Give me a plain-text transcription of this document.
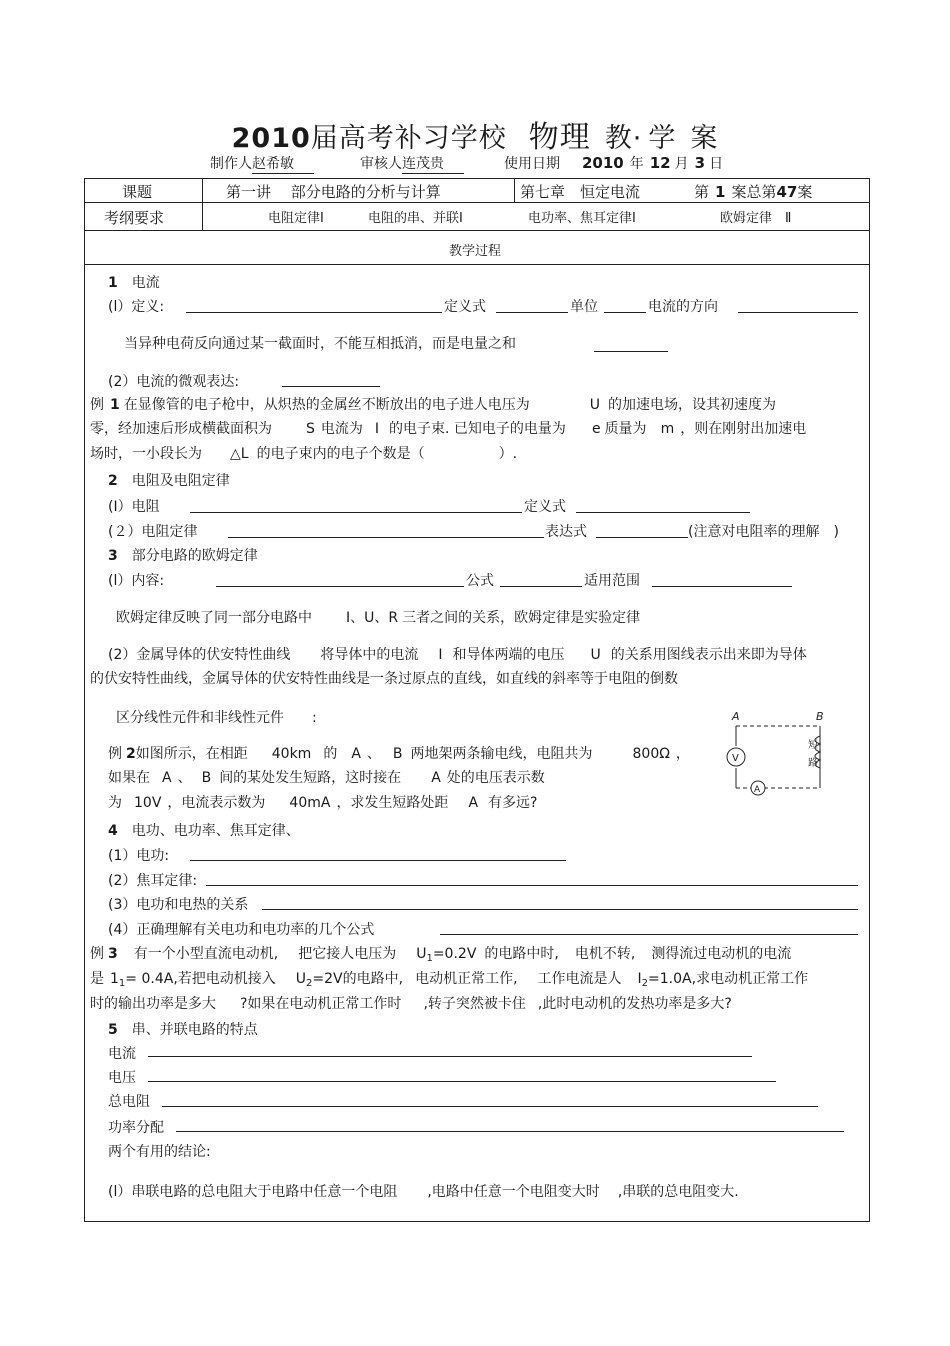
2010届高考补习学校 物理 教· 学 案
制作人赵希敏	审核人连茂贵	使用日期 2010 年 12 月 3 日
课题	第一讲　 部分电路的分析与计算	第七章　恒定电流	第 1 案总第47案
考纲要求	电阻定律Ⅰ	电阻的串、并联Ⅰ	电功率、焦耳定律Ⅰ	欧姆定律　Ⅱ
教学过程
1 电流
(l）定义:	定义式	单位	电流的方向
当异种电荷反向通过某一截面时，不能互相抵消，而是电量之和
(2）电流的微观表达:
例 1 在显像管的电子枪中，从炽热的金属丝不断放出的电子进人电压为	U 的加速电场，设其初速度为
零，经加速后形成横截面积为 S 电流为 I 的电子束. 已知电子的电量为 e 质量为 m ，则在刚射出加速电
场时，一小段长为 △L 的电子束内的电子个数是（	）.
2 电阻及电阻定律
(Ⅰ）电阻	定义式
(２）电阻定律	表达式	(注意对电阻率的理解　)
3 部分电路的欧姆定律
(l）内容:	公式	适用范围
欧姆定律反映了同一部分电路中 I、U、R 三者之间的关系，欧姆定律是实验定律
(2）金属导体的伏安特性曲线 将导体中的电流 I 和导体两端的电压 U 的关系用图线表示出来即为导体
的伏安特性曲线，金属导体的伏安特性曲线是一条过原点的直线，如直线的斜率等于电阻的倒数
区分线性元件和非线性元件　　:
例 2如图所示，在相距 40km 的 A 、 B 两地架两条输电线，电阻共为	800Ω ，
如果在 A 、 B 间的某处发生短路，这时接在 A 处的电压表示数
为 10V ，电流表示数为 40mA ，求发生短路处距 A 有多远?
A	B
V
A
短
路
4 电功、电功率、焦耳定律、
(1）电功:
(2）焦耳定律:
(3）电功和电热的关系
(4）正确理解有关电功和电功率的几个公式
例 3 有一个小型直流电动机, 把它接人电压为 $U_1=0.2V$ 的电路中时, 电机不转, 测得流过电动机的电流
是 $1_1= 0.4A$,若把电动机接入 $U_2=2V$的电路中, 电动机正常工作, 工作电流是人 $I_2=1.0A$,求电动机正常工作
时的输出功率是多大 ?如果在电动机正常工作时 ,转子突然被卡住 ,此时电动机的发热功率是多大?
5 串、并联电路的特点
电流
电压
总电阻
功率分配
两个有用的结论:
(l）串联电路的总电阻大于电路中任意一个电阻 ,电路中任意一个电阻变大时 ,串联的总电阻变大.
